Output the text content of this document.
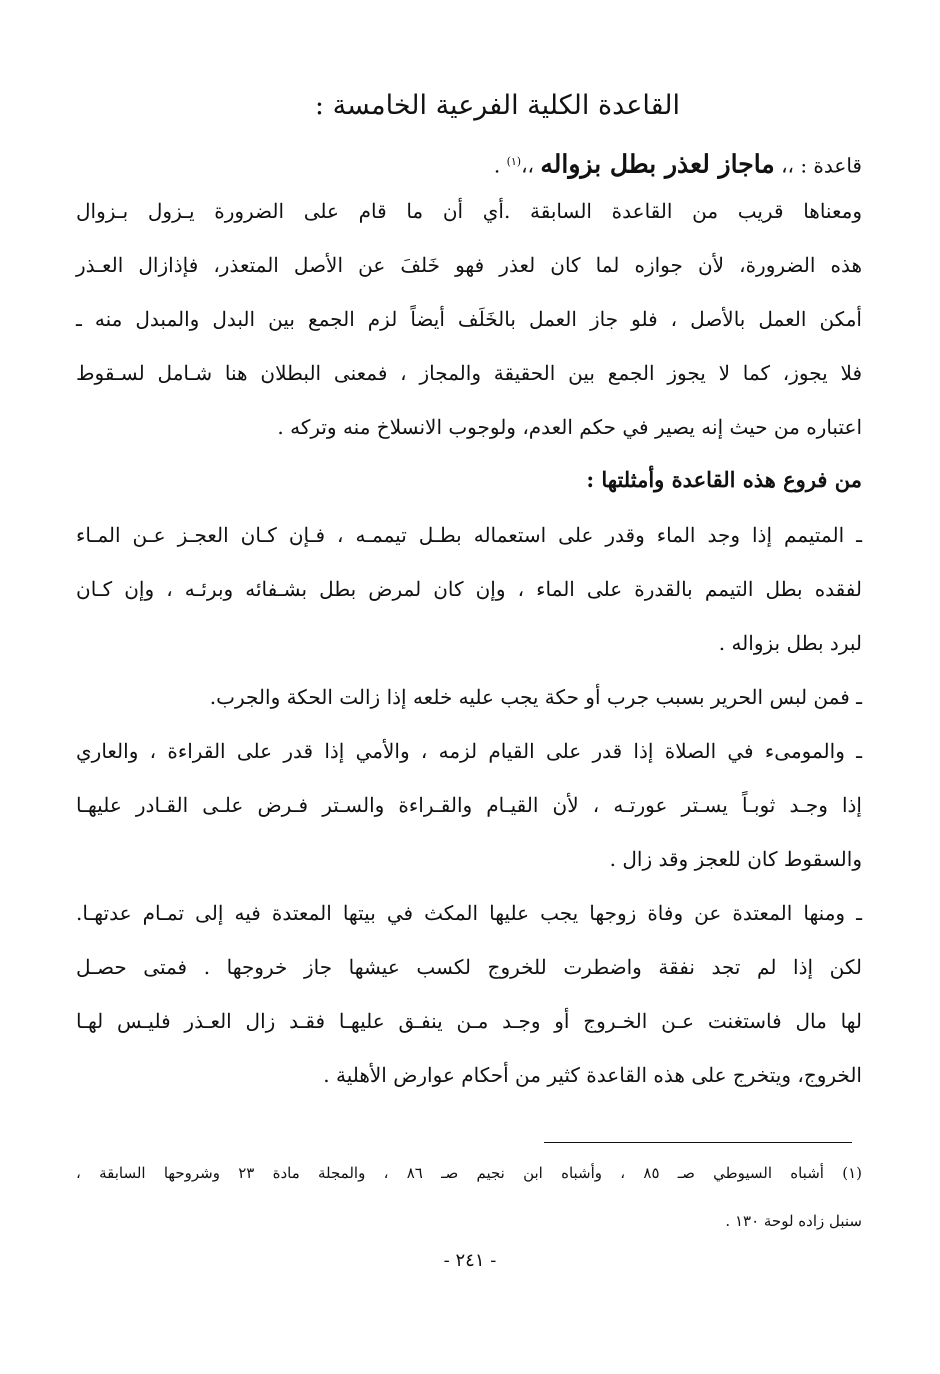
القاعدة الكلية الفرعية الخامسة :
قاعدة : ،، ماجاز لعذر بطل بزواله ،،$^{(١)}$ .
ومعناها قريب من القاعدة السابقة .أي أن ما قام على الضرورة يـزول بـزوال
هذه الضرورة، لأن جوازه لما كان لعذر فهو خَلفَ عن الأصل المتعذر، فإذازال العـذر
أمكن العمل بالأصل ، فلو جاز العمل بالخَلَف أيضاً لزم الجمع بين البدل والمبدل منه ـ
فلا يجوز، كما لا يجوز الجمع بين الحقيقة والمجاز ، فمعنى البطلان هنا شـامل لسـقوط
اعتباره من حيث إنه يصير في حكم العدم، ولوجوب الانسلاخ منه وتركه .
من فروع هذه القاعدة وأمثلتها :
ـ المتيمم إذا وجد الماء وقدر على استعماله بطـل تيممـه ، فـإن كـان العجـز عـن المـاء
لفقده بطل التيمم بالقدرة على الماء ، وإن كان لمرض بطل بشـفائه وبرئـه ، وإن كـان
لبرد بطل بزواله .
ـ فمن لبس الحرير بسبب جرب أو حكة يجب عليه خلعه إذا زالت الحكة والجرب.
ـ والمومىء في الصلاة إذا قدر على القيام لزمه ، والأمي إذا قدر على القراءة ، والعاري
إذا وجـد ثوبـاً يسـتر عورتـه ، لأن القيـام والقـراءة والسـتر فـرض علـى القـادر عليهـا
والسقوط كان للعجز وقد زال .
ـ ومنها المعتدة عن وفاة زوجها يجب عليها المكث في بيتها المعتدة فيه إلى تمـام عدتهـا.
لكن إذا لم تجد نفقة واضطرت للخروج لكسب عيشها جاز خروجها . فمتى حصـل
لها مال فاستغنت عـن الخـروج أو وجـد مـن ينفـق عليهـا فقـد زال العـذر فليـس لهـا
الخروج، ويتخرج على هذه القاعدة كثير من أحكام عوارض الأهلية .
(١) أشباه السيوطي صـ ٨٥ ، وأشباه ابن نجيم صـ ٨٦ ، والمجلة مادة ٢٣ وشروحها السابقة ،
سنبل زاده لوحة ١٣٠ .
- ٢٤١ -
